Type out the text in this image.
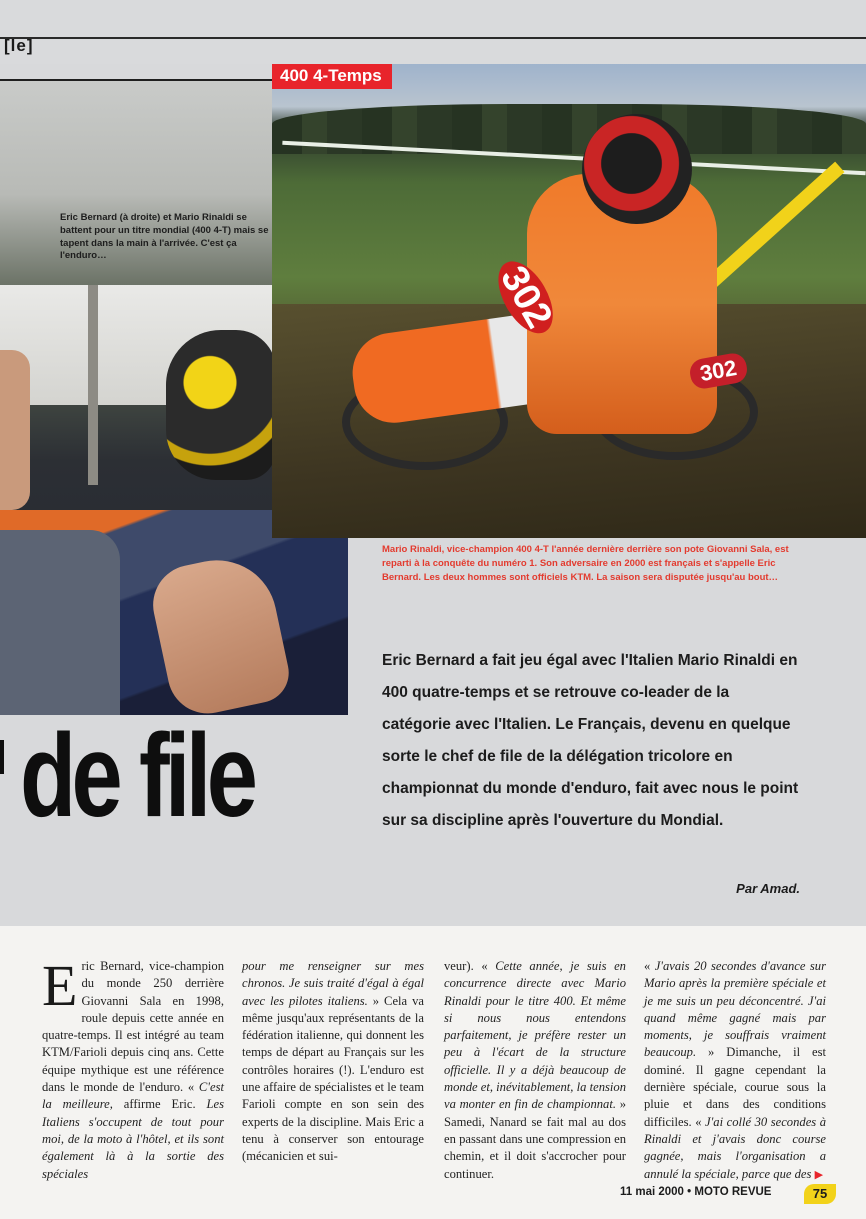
[le]
Eric Bernard (à droite) et Mario Rinaldi se battent pour un titre mondial (400 4-T) mais se tapent dans la main à l'arrivée. C'est ça l'enduro…
302
302
400 4-Temps
Mario Rinaldi, vice-champion 400 4-T l'année dernière derrière son pote Giovanni Sala, est reparti à la conquête du numéro 1. Son adversaire en 2000 est français et s'appelle Eric Bernard. Les deux hommes sont officiels KTM. La saison sera disputée jusqu'au bout…
Eric Bernard a fait jeu égal avec l'Italien Mario Rinaldi en 400 quatre-temps et se retrouve co-leader de la catégorie avec l'Italien. Le Français, devenu en quelque sorte le chef de file de la délégation tricolore en championnat du monde d'enduro, fait avec nous le point sur sa discipline après l'ouverture du Mondial.
Par Amad.
de file
Eric Bernard, vice-champion du monde 250 derrière Giovanni Sala en 1998, roule depuis cette année en quatre-temps. Il est intégré au team KTM/Farioli depuis cinq ans. Cette équipe mythique est une référence dans le monde de l'enduro. « C'est la meilleure, affirme Eric. Les Italiens s'occupent de tout pour moi, de la moto à l'hôtel, et ils sont également là à la sortie des spéciales
pour me renseigner sur mes chronos. Je suis traité d'égal à égal avec les pilotes italiens. » Cela va même jusqu'aux représentants de la fédération italienne, qui donnent les temps de départ au Français sur les contrôles horaires (!). L'enduro est une affaire de spécialistes et le team Farioli compte en son sein des experts de la discipline. Mais Eric a tenu à conserver son entourage (mécanicien et sui-
veur). « Cette année, je suis en concurrence directe avec Mario Rinaldi pour le titre 400. Et même si nous nous entendons parfaitement, je préfère rester un peu à l'écart de la structure officielle. Il y a déjà beaucoup de monde et, inévitablement, la tension va monter en fin de championnat. » Samedi, Nanard se fait mal au dos en passant dans une compression en chemin, et il doit s'accrocher pour continuer.
« J'avais 20 secondes d'avance sur Mario après la première spéciale et je me suis un peu déconcentré. J'ai quand même gagné mais par moments, je souffrais vraiment beaucoup. » Dimanche, il est dominé. Il gagne cependant la dernière spéciale, courue sous la pluie et dans des conditions difficiles. « J'ai collé 30 secondes à Rinaldi et j'avais donc course gagnée, mais l'organisation a annulé la spéciale, parce que des ▶
11 mai 2000 • MOTO REVUE	75
